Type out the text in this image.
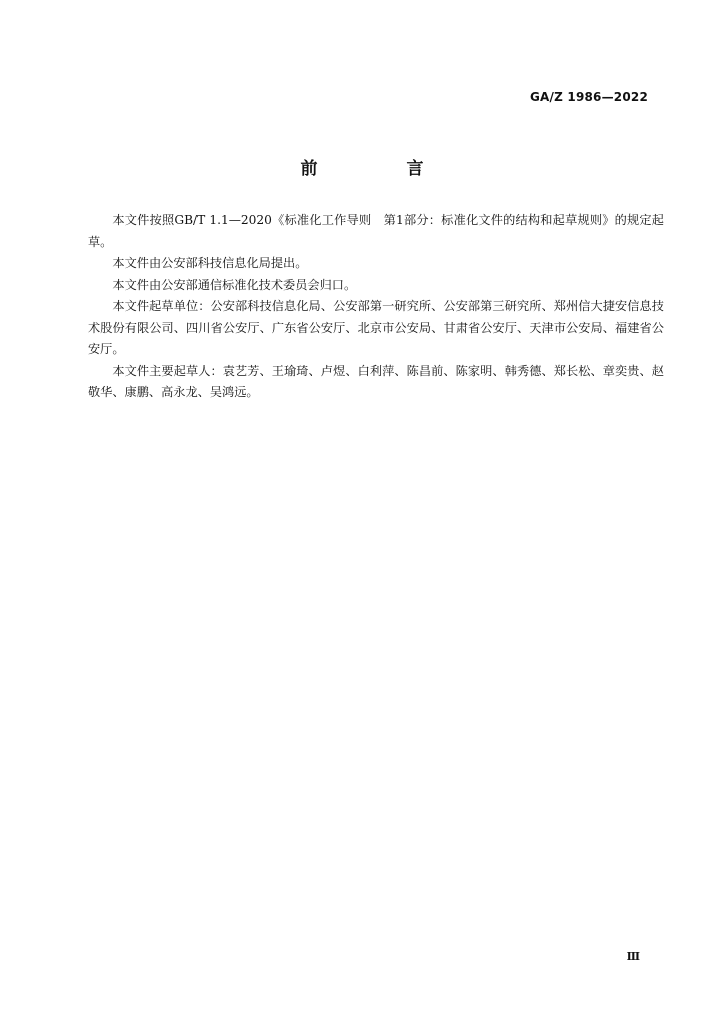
GA/Z 1986—2022
前　言

本文件按照GB/T 1.1—2020《标准化工作导则　第1部分：标准化文件的结构和起草规则》的规定起草。

本文件由公安部科技信息化局提出。

本文件由公安部通信标准化技术委员会归口。

本文件起草单位：公安部科技信息化局、公安部第一研究所、公安部第三研究所、郑州信大捷安信息技术股份有限公司、四川省公安厅、广东省公安厅、北京市公安局、甘肃省公安厅、天津市公安局、福建省公安厅。

本文件主要起草人：袁艺芳、王瑜琦、卢煜、白利萍、陈昌前、陈家明、韩秀德、郑长松、章奕贵、赵敬华、康鹏、高永龙、吴鸿远。

Ⅲ
